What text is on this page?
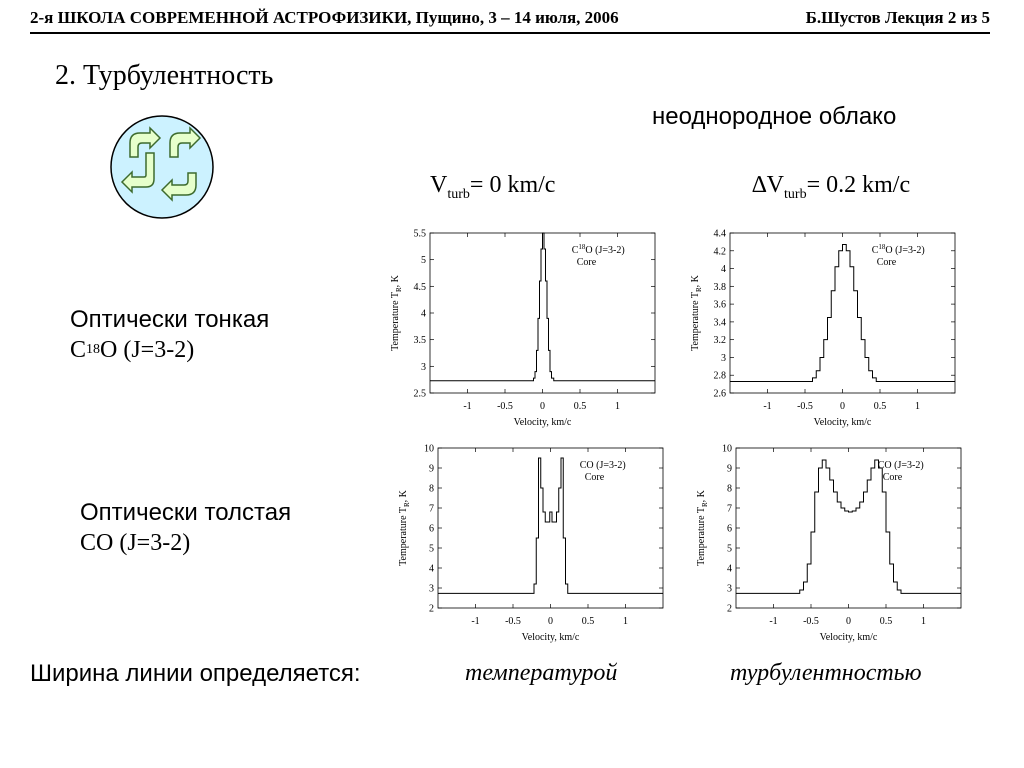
2-я ШКОЛА СОВРЕМЕННОЙ АСТРОФИЗИКИ, Пущино, 3 – 14 июля, 2006	Б.Шустов Лекция 2 из 5
2. Турбулентность
неоднородное облако
$V_{turb}= 0$ km/c	$\Delta V_{turb}= 0.2$ km/c
Оптически тонкая
$C^{18}O$ (J=3-2)
Оптически толстая
CO (J=3-2)
2.5
3
3.5
4
4.5
5
5.5
-1	-0.5	0	0.5	1
Velocity, km/c
Temperature $T_R$, K
$C^{18}O$ (J=3-2)
Core
2.6
2.8
3
3.2
3.4
3.6
3.8
4
4.2
4.4
-1	-0.5	0	0.5	1
Velocity, km/c
Temperature $T_R$, K
$C^{18}O$ (J=3-2)
Core
2
3
4
5
6
7
8
9
10
-1	-0.5	0	0.5	1
Velocity, km/c
Temperature $T_R$, K
CO (J=3-2)
Core
2
3
4
5
6
7
8
9
10
-1	-0.5	0	0.5	1
Velocity, km/c
Temperature $T_R$, K
CO (J=3-2)
Core
Ширина линии определяется:	температурой	турбулентностью
